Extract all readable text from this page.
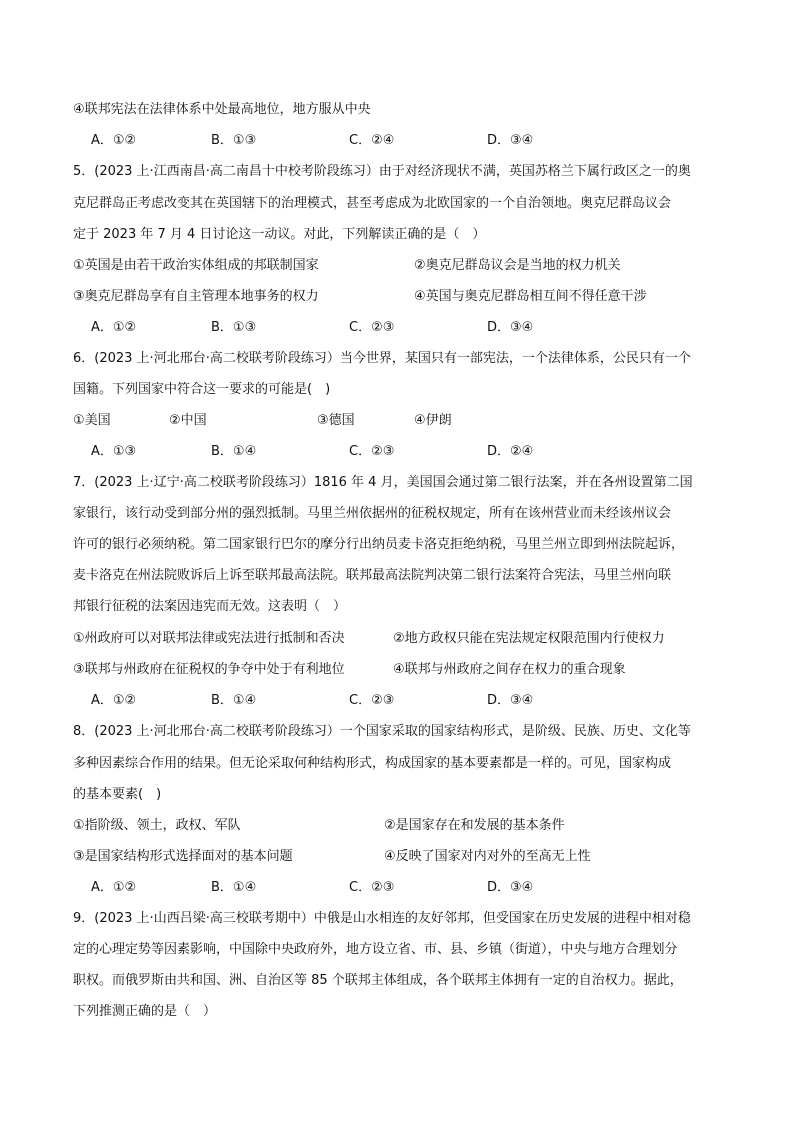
④联邦宪法在法律体系中处最高地位，地方服从中央
A．①②	B．①③	C．②④	D．③④
5．(2023 上·江西南昌·高二南昌十中校考阶段练习）由于对经济现状不满，英国苏格兰下属行政区之一的奥
克尼群岛正考虑改变其在英国辖下的治理模式，甚至考虑成为北欧国家的一个自治领地。奥克尼群岛议会
定于 2023 年 7 月 4 日讨论这一动议。对此，下列解读正确的是（　）
①英国是由若干政治实体组成的邦联制国家	②奥克尼群岛议会是当地的权力机关
③奥克尼群岛享有自主管理本地事务的权力	④英国与奥克尼群岛相互间不得任意干涉
A．①②	B．①③	C．②③	D．③④
6．(2023 上·河北邢台·高二校联考阶段练习）当今世界，某国只有一部宪法，一个法律体系，公民只有一个
国籍。下列国家中符合这一要求的可能是(　)
①美国	②中国	③德国	④伊朗
A．①③	B．①④	C．②③	D．②④
7．(2023 上·辽宁·高二校联考阶段练习）1816 年 4 月，美国国会通过第二银行法案，并在各州设置第二国
家银行，该行动受到部分州的强烈抵制。马里兰州依据州的征税权规定，所有在该州营业而未经该州议会
许可的银行必须纳税。第二国家银行巴尔的摩分行出纳员麦卡洛克拒绝纳税，马里兰州立即到州法院起诉，
麦卡洛克在州法院败诉后上诉至联邦最高法院。联邦最高法院判决第二银行法案符合宪法，马里兰州向联
邦银行征税的法案因违宪而无效。这表明（　）
①州政府可以对联邦法律或宪法进行抵制和否决	②地方政权只能在宪法规定权限范围内行使权力
③联邦与州政府在征税权的争夺中处于有利地位	④联邦与州政府之间存在权力的重合现象
A．①②	B．①④	C．②③	D．③④
8．(2023 上·河北邢台·高二校联考阶段练习）一个国家采取的国家结构形式，是阶级、民族、历史、文化等
多种因素综合作用的结果。但无论采取何种结构形式，构成国家的基本要素都是一样的。可见，国家构成
的基本要素(　)
①指阶级、领土，政权、军队	②是国家存在和发展的基本条件
③是国家结构形式选择面对的基本问题	④反映了国家对内对外的至高无上性
A．①②	B．①④	C．②③	D．③④
9．(2023 上·山西吕梁·高三校联考期中）中俄是山水相连的友好邻邦，但受国家在历史发展的进程中相对稳
定的心理定势等因素影响，中国除中央政府外，地方设立省、市、县、乡镇（街道），中央与地方合理划分
职权。而俄罗斯由共和国、洲、自治区等 85 个联邦主体组成，各个联邦主体拥有一定的自治权力。据此，
下列推测正确的是（　）
